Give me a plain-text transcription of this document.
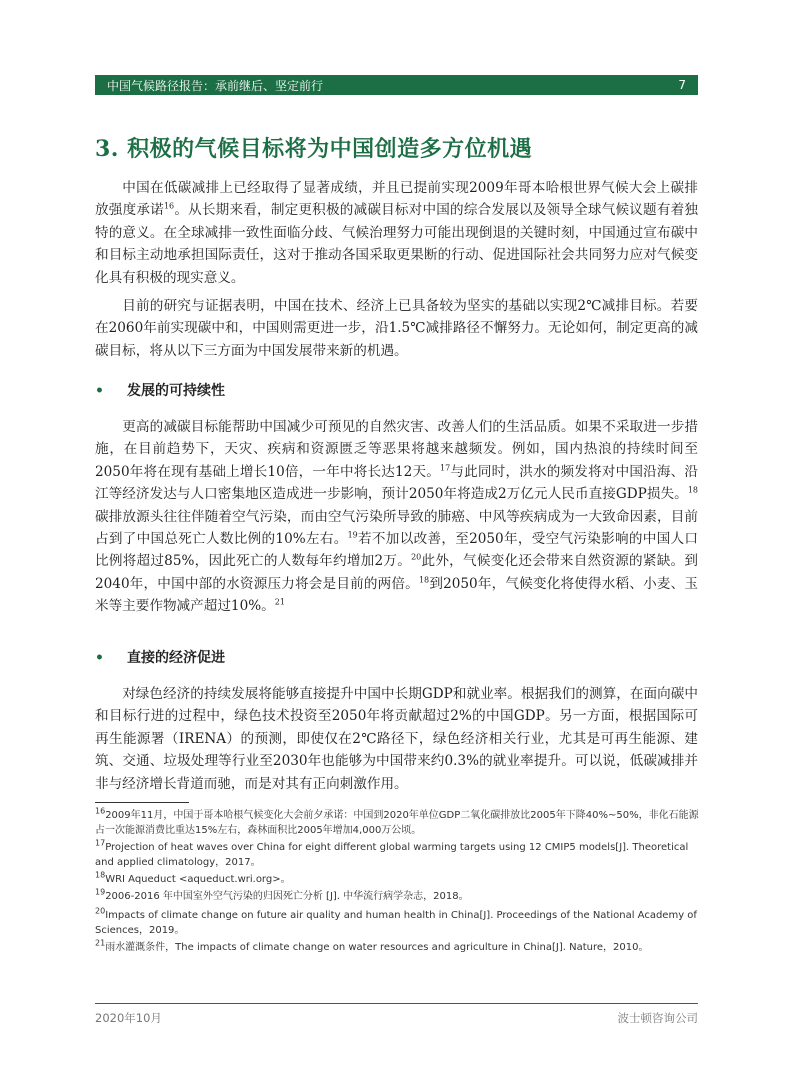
中国气候路径报告：承前继后、坚定前行	7
3. 积极的气候目标将为中国创造多方位机遇

中国在低碳减排上已经取得了显著成绩，并且已提前实现2009年哥本哈根世界气候大会上碳排放强度承诺$^{16}$。从长期来看，制定更积极的减碳目标对中国的综合发展以及领导全球气候议题有着独特的意义。在全球减排一致性面临分歧、气候治理努力可能出现倒退的关键时刻，中国通过宣布碳中和目标主动地承担国际责任，这对于推动各国采取更果断的行动、促进国际社会共同努力应对气候变化具有积极的现实意义。

目前的研究与证据表明，中国在技术、经济上已具备较为坚实的基础以实现2℃减排目标。若要在2060年前实现碳中和，中国则需更进一步，沿1.5℃减排路径不懈努力。无论如何，制定更高的减碳目标，将从以下三方面为中国发展带来新的机遇。

• 发展的可持续性

更高的减碳目标能帮助中国减少可预见的自然灾害、改善人们的生活品质。如果不采取进一步措施，在目前趋势下，天灾、疾病和资源匮乏等恶果将越来越频发。例如，国内热浪的持续时间至2050年将在现有基础上增长10倍，一年中将长达12天。$^{17}$与此同时，洪水的频发将对中国沿海、沿江等经济发达与人口密集地区造成进一步影响，预计2050年将造成2万亿元人民币直接GDP损失。$^{18}$碳排放源头往往伴随着空气污染，而由空气污染所导致的肺癌、中风等疾病成为一大致命因素，目前占到了中国总死亡人数比例的10%左右。$^{19}$若不加以改善，至2050年，受空气污染影响的中国人口比例将超过85%，因此死亡的人数每年约增加2万。$^{20}$此外，气候变化还会带来自然资源的紧缺。到2040年，中国中部的水资源压力将会是目前的两倍。$^{18}$到2050年，气候变化将使得水稻、小麦、玉米等主要作物减产超过10%。$^{21}$

• 直接的经济促进

对绿色经济的持续发展将能够直接提升中国中长期GDP和就业率。根据我们的测算，在面向碳中和目标行进的过程中，绿色技术投资至2050年将贡献超过2%的中国GDP。另一方面，根据国际可再生能源署（IRENA）的预测，即使仅在2℃路径下，绿色经济相关行业，尤其是可再生能源、建筑、交通、垃圾处理等行业至2030年也能够为中国带来约0.3%的就业率提升。可以说，低碳减排并非与经济增长背道而驰，而是对其有正向刺激作用。

$^{16}$2009年11月，中国于哥本哈根气候变化大会前夕承诺：中国到2020年单位GDP二氧化碳排放比2005年下降40%~50%，非化石能源占一次能源消费比重达15%左右，森林面积比2005年增加4,000万公顷。

$^{17}$Projection of heat waves over China for eight different global warming targets using 12 CMIP5 models[J]. Theoretical and applied climatology，2017。

$^{18}$WRI Aqueduct <aqueduct.wri.org>。

$^{19}$2006-2016 年中国室外空气污染的归因死亡分析 [J]. 中华流行病学杂志，2018。

$^{20}$Impacts of climate change on future air quality and human health in China[J]. Proceedings of the National Academy of Sciences，2019。

$^{21}$雨水灌溉条件，The impacts of climate change on water resources and agriculture in China[J]. Nature，2010。

2020年10月	波士顿咨询公司
